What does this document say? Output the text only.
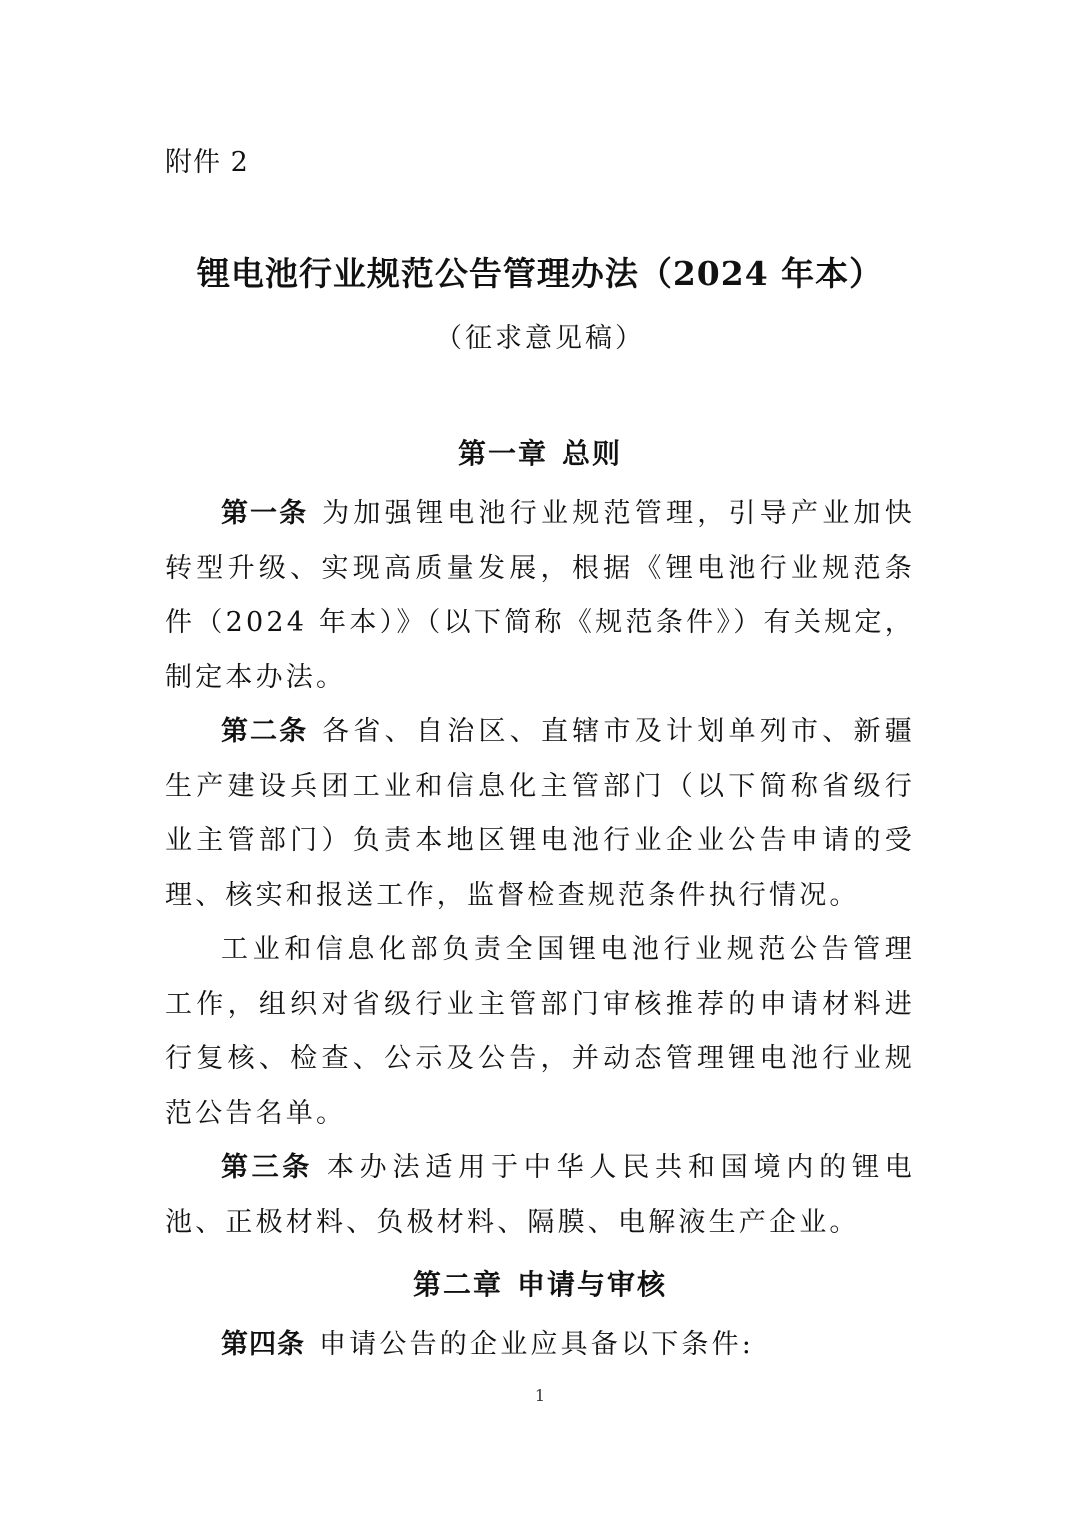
附件 2
锂电池行业规范公告管理办法（2024 年本）
（征求意见稿）
第一章 总则

第一条 为加强锂电池行业规范管理，引导产业加快转型升级、实现高质量发展，根据《锂电池行业规范条件（2024 年本）》（以下简称《规范条件》）有关规定，制定本办法。

第二条 各省、自治区、直辖市及计划单列市、新疆生产建设兵团工业和信息化主管部门（以下简称省级行业主管部门）负责本地区锂电池行业企业公告申请的受理、核实和报送工作，监督检查规范条件执行情况。

工业和信息化部负责全国锂电池行业规范公告管理工作，组织对省级行业主管部门审核推荐的申请材料进行复核、检查、公示及公告，并动态管理锂电池行业规范公告名单。

第三条 本办法适用于中华人民共和国境内的锂电池、正极材料、负极材料、隔膜、电解液生产企业。

第二章 申请与审核

第四条 申请公告的企业应具备以下条件:

1
